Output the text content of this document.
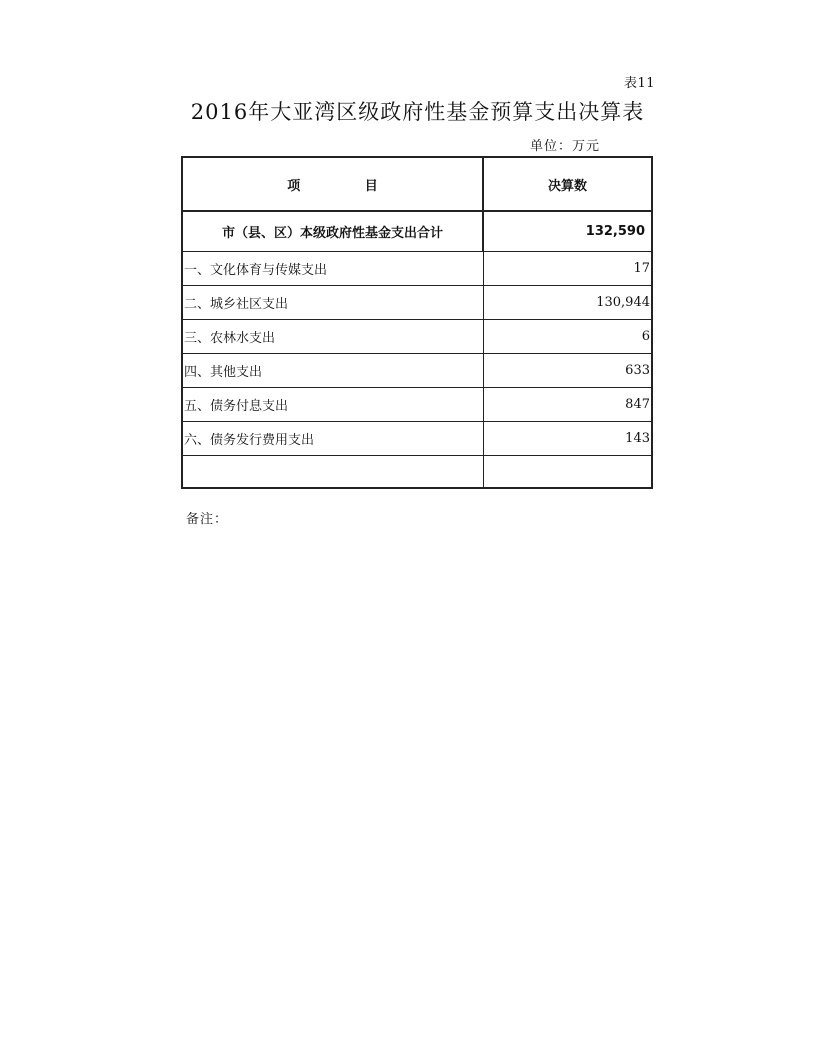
表11
2016年大亚湾区级政府性基金预算支出决算表
单位：万元
项 目	决算数
市（县、区）本级政府性基金支出合计	132,590
一、文化体育与传媒支出	17
二、城乡社区支出	130,944
三、农林水支出	6
四、其他支出	633
五、债务付息支出	847
六、债务发行费用支出	143

备注：
